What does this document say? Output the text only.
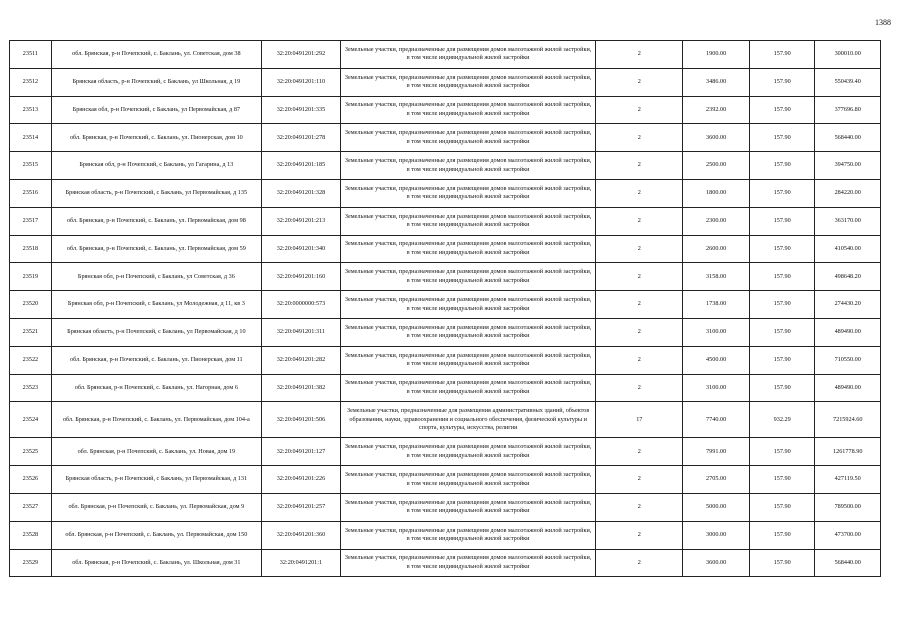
1388
23511	обл. Брянская, р-н Почепский, с. Баклань, ул. Советская, дом 38	32:20:0491201:292	Земельные участки, предназначенные для размещения домов малоэтажной жилой застройки, в том числе индивидуальной жилой застройки	2	1900.00	157.90	300010.00
23512	Брянская область, р-н Почепский, с Баклань, ул Школьная, д 19	32:20:0491201:110	Земельные участки, предназначенные для размещения домов малоэтажной жилой застройки, в том числе индивидуальной жилой застройки	2	3486.00	157.90	550439.40
23513	Брянская обл, р-н Почепский, с Баклань, ул Первомайская, д 87	32:20:0491201:335	Земельные участки, предназначенные для размещения домов малоэтажной жилой застройки, в том числе индивидуальной жилой застройки	2	2392.00	157.90	377696.80
23514	обл. Брянская, р-н Почепский, с. Баклань, ул. Пионерская, дом 10	32:20:0491201:278	Земельные участки, предназначенные для размещения домов малоэтажной жилой застройки, в том числе индивидуальной жилой застройки	2	3600.00	157.90	568440.00
23515	Брянская обл, р-н Почепский, с Баклань, ул Гагарина, д 13	32:20:0491201:185	Земельные участки, предназначенные для размещения домов малоэтажной жилой застройки, в том числе индивидуальной жилой застройки	2	2500.00	157.90	394750.00
23516	Брянская область, р-н Почепский, с Баклань, ул Первомайская, д 135	32:20:0491201:328	Земельные участки, предназначенные для размещения домов малоэтажной жилой застройки, в том числе индивидуальной жилой застройки	2	1800.00	157.90	284220.00
23517	обл. Брянская, р-н Почепский, с. Баклань, ул. Первомайская, дом 98	32:20:0491201:213	Земельные участки, предназначенные для размещения домов малоэтажной жилой застройки, в том числе индивидуальной жилой застройки	2	2300.00	157.90	363170.00
23518	обл. Брянская, р-н Почепский, с. Баклань, ул. Первомайская, дом 59	32:20:0491201:340	Земельные участки, предназначенные для размещения домов малоэтажной жилой застройки, в том числе индивидуальной жилой застройки	2	2600.00	157.90	410540.00
23519	Брянская обл, р-н Почепский, с Баклань, ул Советская, д 36	32:20:0491201:160	Земельные участки, предназначенные для размещения домов малоэтажной жилой застройки, в том числе индивидуальной жилой застройки	2	3158.00	157.90	498648.20
23520	Брянская обл, р-н Почепский, с Баклань, ул Молодежная, д 11, кв 3	32:20:0000000:573	Земельные участки, предназначенные для размещения домов малоэтажной жилой застройки, в том числе индивидуальной жилой застройки	2	1738.00	157.90	274430.20
23521	Брянская область, р-н Почепский, с Баклань, ул Первомайская, д 10	32:20:0491201:311	Земельные участки, предназначенные для размещения домов малоэтажной жилой застройки, в том числе индивидуальной жилой застройки	2	3100.00	157.90	489490.00
23522	обл. Брянская, р-н Почепский, с. Баклань, ул. Пионерская, дом 11	32:20:0491201:282	Земельные участки, предназначенные для размещения домов малоэтажной жилой застройки, в том числе индивидуальной жилой застройки	2	4500.00	157.90	710550.00
23523	обл. Брянская, р-н Почепский, с. Баклань, ул. Нагорная, дом 6	32:20:0491201:382	Земельные участки, предназначенные для размещения домов малоэтажной жилой застройки, в том числе индивидуальной жилой застройки	2	3100.00	157.90	489490.00
23524	обл. Брянская, р-н Почепский, с. Баклань, ул. Первомайская, дом 104-а	32:20:0491201:506	Земельные участки, предназначенные для размещения административных зданий, объектов образования, науки, здравоохранения и социального обеспечения, физической культуры и спорта, культуры, искусства, религии	17	7740.00	932.29	7215924.60
23525	обл. Брянская, р-н Почепский, с. Баклань, ул. Новая, дом 19	32:20:0491201:127	Земельные участки, предназначенные для размещения домов малоэтажной жилой застройки, в том числе индивидуальной жилой застройки	2	7991.00	157.90	1261778.90
23526	Брянская область, р-н Почепский, с Баклань, ул Первомайская, д 131	32:20:0491201:226	Земельные участки, предназначенные для размещения домов малоэтажной жилой застройки, в том числе индивидуальной жилой застройки	2	2705.00	157.90	427119.50
23527	обл. Брянская, р-н Почепский, с. Баклань, ул. Первомайская, дом 9	32:20:0491201:257	Земельные участки, предназначенные для размещения домов малоэтажной жилой застройки, в том числе индивидуальной жилой застройки	2	5000.00	157.90	789500.00
23528	обл. Брянская, р-н Почепский, с. Баклань, ул. Первомайская, дом 150	32:20:0491201:360	Земельные участки, предназначенные для размещения домов малоэтажной жилой застройки, в том числе индивидуальной жилой застройки	2	3000.00	157.90	473700.00
23529	обл. Брянская, р-н Почепский, с. Баклань, ул. Школьная, дом 31	32:20:0491201:1	Земельные участки, предназначенные для размещения домов малоэтажной жилой застройки, в том числе индивидуальной жилой застройки	2	3600.00	157.90	568440.00
